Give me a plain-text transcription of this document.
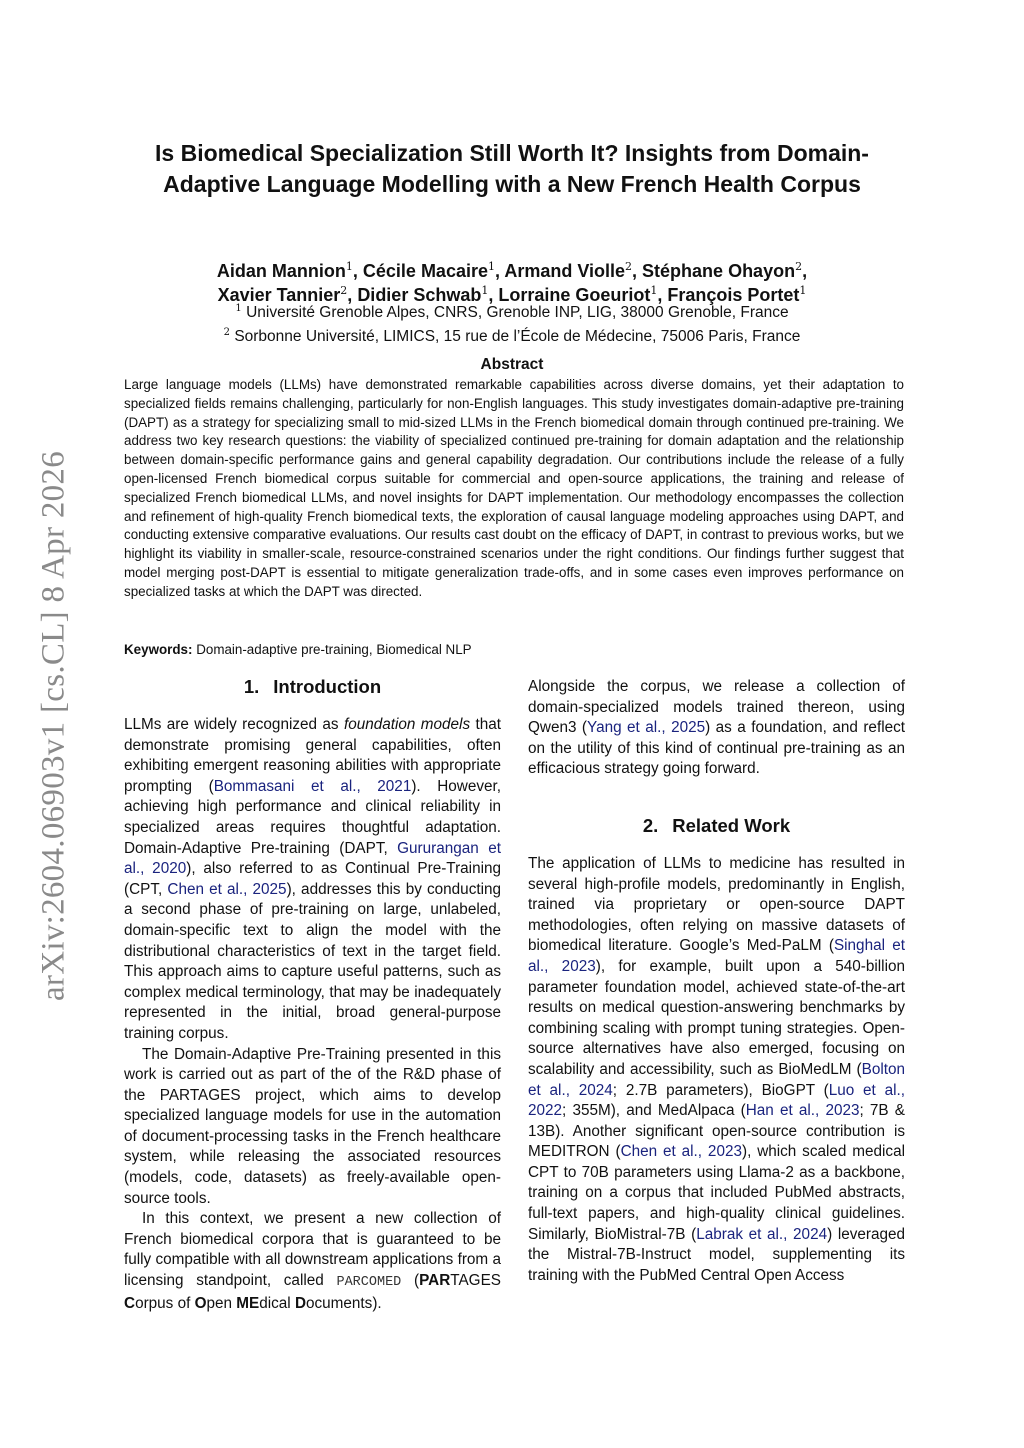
arXiv:2604.06903v1 [cs.CL] 8 Apr 2026
Is Biomedical Specialization Still Worth It? Insights from Domain-Adaptive Language Modelling with a New French Health Corpus
Aidan Mannion$^1$, Cécile Macaire$^1$, Armand Violle$^2$, Stéphane Ohayon$^2$,
Xavier Tannier$^2$, Didier Schwab$^1$, Lorraine Goeuriot$^1$, François Portet$^1$
$^1$ Université Grenoble Alpes, CNRS, Grenoble INP, LIG, 38000 Grenoble, France
$^2$ Sorbonne Université, LIMICS, 15 rue de l’École de Médecine, 75006 Paris, France
Abstract

Large language models (LLMs) have demonstrated remarkable capabilities across diverse domains, yet their adaptation to specialized fields remains challenging, particularly for non-English languages. This study investigates domain-adaptive pre-training (DAPT) as a strategy for specializing small to mid-sized LLMs in the French biomedical domain through continued pre-training. We address two key research questions: the viability of specialized continued pre-training for domain adaptation and the relationship between domain-specific performance gains and general capability degradation. Our contributions include the release of a fully open-licensed French biomedical corpus suitable for commercial and open-source applications, the training and release of specialized French biomedical LLMs, and novel insights for DAPT implementation. Our methodology encompasses the collection and refinement of high-quality French biomedical texts, the exploration of causal language modeling approaches using DAPT, and conducting extensive comparative evaluations. Our results cast doubt on the efficacy of DAPT, in contrast to previous works, but we highlight its viability in smaller-scale, resource-constrained scenarios under the right conditions. Our findings further suggest that model merging post-DAPT is essential to mitigate generalization trade-offs, and in some cases even improves performance on specialized tasks at which the DAPT was directed.

Keywords: Domain-adaptive pre-training, Biomedical NLP
1. Introduction

LLMs are widely recognized as foundation models that demonstrate promising general capabilities, often exhibiting emergent reasoning abilities with appropriate prompting (Bommasani et al., 2021). However, achieving high performance and clinical reliability in specialized areas requires thoughtful adaptation. Domain-Adaptive Pre-training (DAPT, Gururangan et al., 2020), also referred to as Continual Pre-Training (CPT, Chen et al., 2025), addresses this by conducting a second phase of pre-training on large, unlabeled, domain-specific text to align the model with the distributional characteristics of text in the target field. This approach aims to capture useful patterns, such as complex medical terminology, that may be inadequately represented in the initial, broad general-purpose training corpus.

The Domain-Adaptive Pre-Training presented in this work is carried out as part of the of the R&D phase of the PARTAGES project, which aims to develop specialized language models for use in the automation of document-processing tasks in the French healthcare system, while releasing the associated resources (models, code, datasets) as freely-available open-source tools.

In this context, we present a new collection of French biomedical corpora that is guaranteed to be fully compatible with all downstream applications from a licensing standpoint, called PARCOMED (PARTAGES Corpus of Open MEdical Documents).

Alongside the corpus, we release a collection of domain-specialized models trained thereon, using Qwen3 (Yang et al., 2025) as a foundation, and reflect on the utility of this kind of continual pre-training as an efficacious strategy going forward.

2. Related Work

The application of LLMs to medicine has resulted in several high-profile models, predominantly in English, trained via proprietary or open-source DAPT methodologies, often relying on massive datasets of biomedical literature. Google’s Med-PaLM (Singhal et al., 2023), for example, built upon a 540-billion parameter foundation model, achieved state-of-the-art results on medical question-answering benchmarks by combining scaling with prompt tuning strategies. Open-source alternatives have also emerged, focusing on scalability and accessibility, such as BioMedLM (Bolton et al., 2024; 2.7B parameters), BioGPT (Luo et al., 2022; 355M), and MedAlpaca (Han et al., 2023; 7B & 13B). Another significant open-source contribution is MEDITRON (Chen et al., 2023), which scaled medical CPT to 70B parameters using Llama-2 as a backbone, training on a corpus that included PubMed abstracts, full-text papers, and high-quality clinical guidelines. Similarly, BioMistral-7B (Labrak et al., 2024) leveraged the Mistral-7B-Instruct model, supplementing its training with the PubMed Central Open Access
